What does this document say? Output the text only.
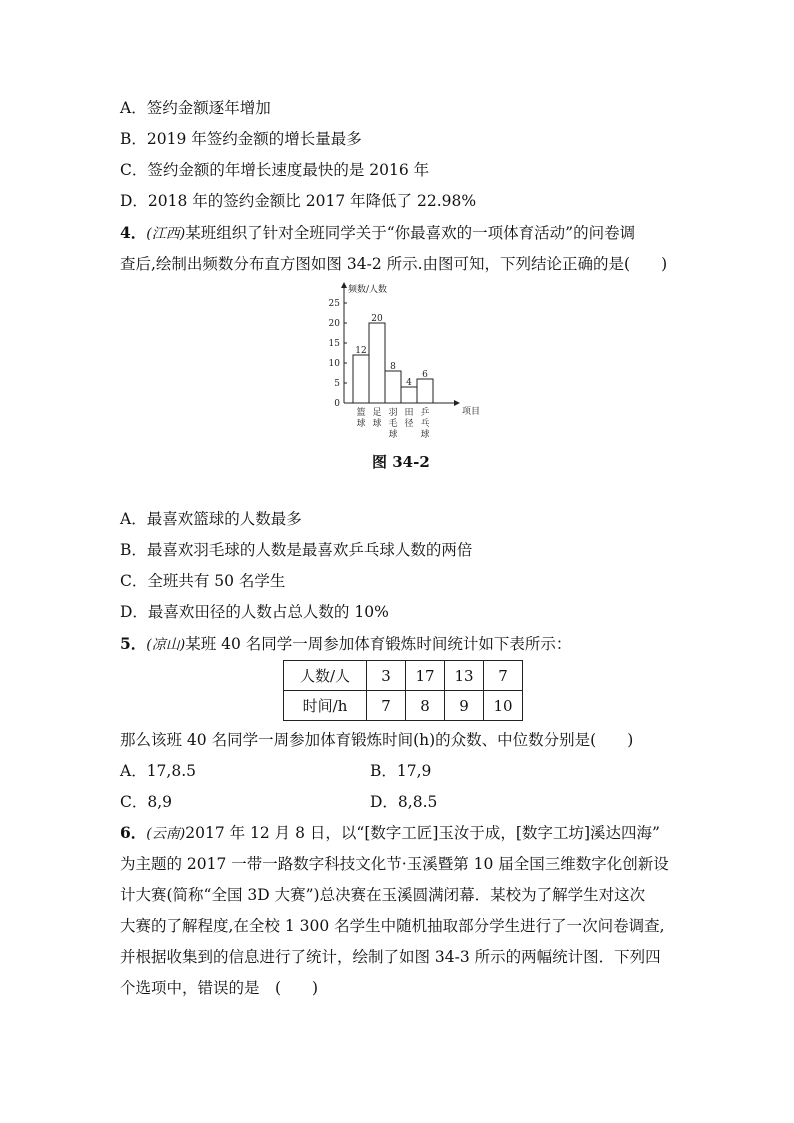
A．签约金额逐年增加
B．2019 年签约金额的增长量最多
C．签约金额的年增长速度最快的是 2016 年
D．2018 年的签约金额比 2017 年降低了 22.98%
4．(江西)某班组织了针对全班同学关于“你最喜欢的一项体育活动”的问卷调
查后,绘制出频数分布直方图如图 34-2 所示.由图可知，下列结论正确的是(　　)
频数/人数
项目
0
5
10
15
20
25
12
篮
球
20
足
球
8
羽
毛
球
4
田
径
6
乒
乓
球
图 34-2
A．最喜欢篮球的人数最多
B．最喜欢羽毛球的人数是最喜欢乒乓球人数的两倍
C．全班共有 50 名学生
D．最喜欢田径的人数占总人数的 10%
5．(凉山)某班 40 名同学一周参加体育锻炼时间统计如下表所示：
人数/人	3	17	13	7
时间/h	7	8	9	10
那么该班 40 名同学一周参加体育锻炼时间(h)的众数、中位数分别是(　　)
A．17,8.5	B．17,9
C．8,9	D．8,8.5
6．(云南)2017 年 12 月 8 日，以“[数字工匠]玉汝于成，[数字工坊]溪达四海”
为主题的 2017 一带一路数字科技文化节·玉溪暨第 10 届全国三维数字化创新设
计大赛(简称“全国 3D 大赛”)总决赛在玉溪圆满闭幕．某校为了解学生对这次
大赛的了解程度,在全校 1 300 名学生中随机抽取部分学生进行了一次问卷调查,
并根据收集到的信息进行了统计，绘制了如图 34-3 所示的两幅统计图．下列四
个选项中，错误的是　(　　)
